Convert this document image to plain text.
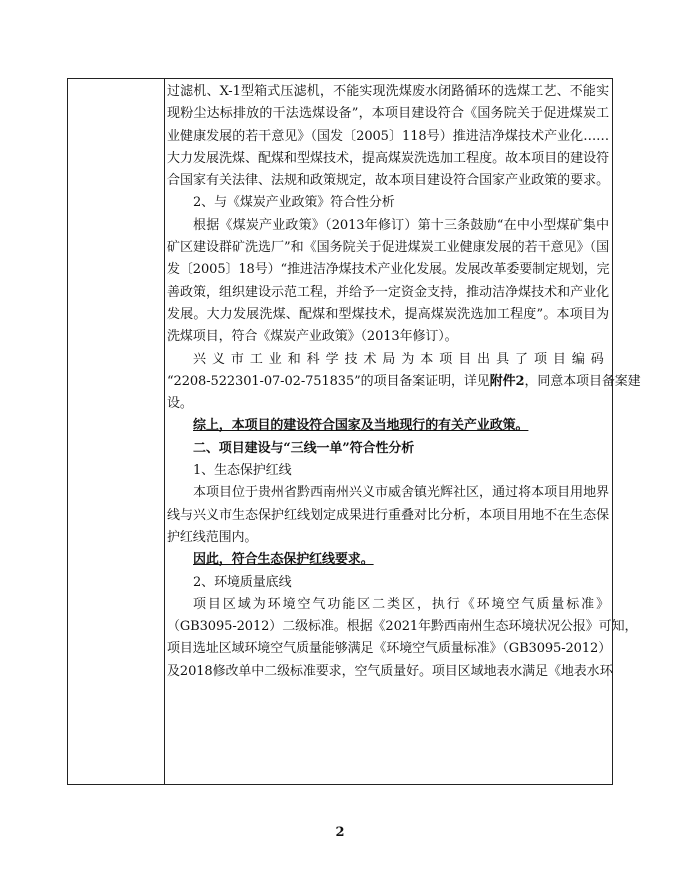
过滤机、X-1型箱式压滤机，不能实现洗煤废水闭路循环的选煤工艺、不能实
现粉尘达标排放的干法选煤设备”，本项目建设符合《国务院关于促进煤炭工
业健康发展的若干意见》（国发〔2005〕118号）推进洁净煤技术产业化……
大力发展洗煤、配煤和型煤技术，提高煤炭洗选加工程度。故本项目的建设符
合国家有关法律、法规和政策规定，故本项目建设符合国家产业政策的要求。
2、与《煤炭产业政策》符合性分析
根据《煤炭产业政策》（2013年修订）第十三条鼓励“在中小型煤矿集中
矿区建设群矿洗选厂”和《国务院关于促进煤炭工业健康发展的若干意见》（国
发〔2005〕18号）“推进洁净煤技术产业化发展。发展改革委要制定规划，完
善政策，组织建设示范工程，并给予一定资金支持，推动洁净煤技术和产业化
发展。大力发展洗煤、配煤和型煤技术，提高煤炭洗选加工程度”。本项目为
洗煤项目，符合《煤炭产业政策》（2013年修订）。
兴义市工业和科学技术局为本项目出具了项目编码
“2208-522301-07-02-751835”的项目备案证明，详见附件2，同意本项目备案建
设。
综上，本项目的建设符合国家及当地现行的有关产业政策。
二、项目建设与“三线一单”符合性分析
1、生态保护红线
本项目位于贵州省黔西南州兴义市威舍镇光辉社区，通过将本项目用地界
线与兴义市生态保护红线划定成果进行重叠对比分析，本项目用地不在生态保
护红线范围内。
因此，符合生态保护红线要求。
2、环境质量底线
项目区域为环境空气功能区二类区，执行《环境空气质量标准》
（GB3095-2012）二级标准。根据《2021年黔西南州生态环境状况公报》可知，
项目选址区域环境空气质量能够满足《环境空气质量标准》（GB3095-2012）
及2018修改单中二级标准要求，空气质量好。项目区域地表水满足《地表水环
2
